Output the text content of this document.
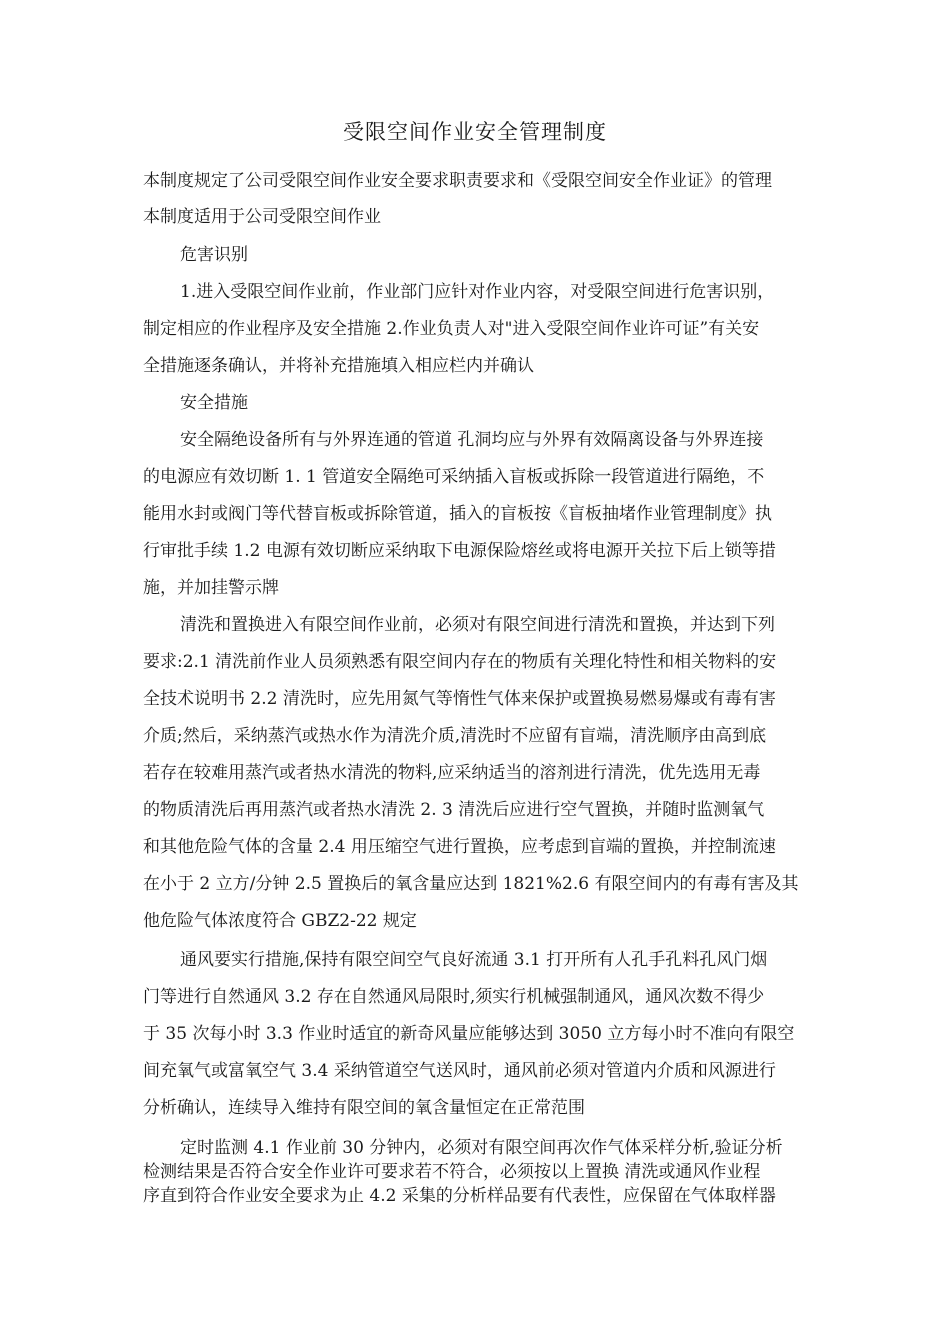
受限空间作业安全管理制度
本制度规定了公司受限空间作业安全要求职责要求和《受限空间安全作业证》的管理
本制度适用于公司受限空间作业
危害识别
1.进入受限空间作业前，作业部门应针对作业内容，对受限空间进行危害识别，
制定相应的作业程序及安全措施 2.作业负责人对"进入受限空间作业许可证”有关安
全措施逐条确认，并将补充措施填入相应栏内并确认
安全措施
安全隔绝设备所有与外界连通的管道 孔洞均应与外界有效隔离设备与外界连接
的电源应有效切断 1. 1 管道安全隔绝可采纳插入盲板或拆除一段管道进行隔绝，不
能用水封或阀门等代替盲板或拆除管道，插入的盲板按《盲板抽堵作业管理制度》执
行审批手续 1.2 电源有效切断应采纳取下电源保险熔丝或将电源开关拉下后上锁等措
施，并加挂警示牌
清洗和置换进入有限空间作业前，必须对有限空间进行清洗和置换，并达到下列
要求:2.1 清洗前作业人员须熟悉有限空间内存在的物质有关理化特性和相关物料的安
全技术说明书 2.2 清洗时，应先用氮气等惰性气体来保护或置换易燃易爆或有毒有害
介质;然后，采纳蒸汽或热水作为清洗介质,清洗时不应留有盲端，清洗顺序由高到底
若存在较难用蒸汽或者热水清洗的物料,应采纳适当的溶剂进行清洗，优先选用无毒
的物质清洗后再用蒸汽或者热水清洗 2. 3 清洗后应进行空气置换，并随时监测氧气
和其他危险气体的含量 2.4 用压缩空气进行置换，应考虑到盲端的置换，并控制流速
在小于 2 立方/分钟 2.5 置换后的氧含量应达到 1821%2.6 有限空间内的有毒有害及其
他危险气体浓度符合 GBZ2-22 规定
通风要实行措施,保持有限空间空气良好流通 3.1 打开所有人孔手孔料孔风门烟
门等进行自然通风 3.2 存在自然通风局限时,须实行机械强制通风，通风次数不得少
于 35 次每小时 3.3 作业时适宜的新奇风量应能够达到 3050 立方每小时不准向有限空
间充氧气或富氧空气 3.4 采纳管道空气送风时，通风前必须对管道内介质和风源进行
分析确认，连续导入维持有限空间的氧含量恒定在正常范围
定时监测 4.1 作业前 30 分钟内，必须对有限空间再次作气体采样分析,验证分析
检测结果是否符合安全作业许可要求若不符合，必须按以上置换 清洗或通风作业程
序直到符合作业安全要求为止 4.2 采集的分析样品要有代表性，应保留在气体取样器
